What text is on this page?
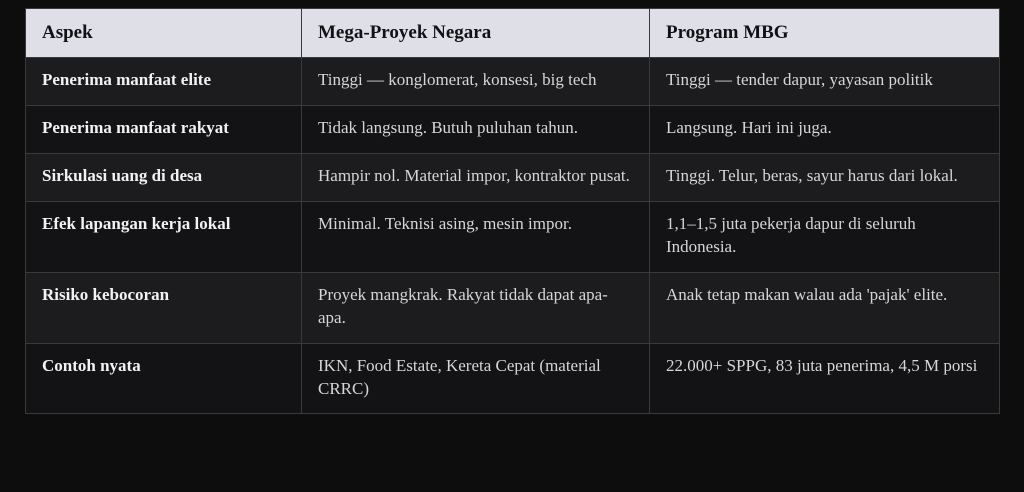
Aspek	Mega-Proyek Negara	Program MBG
Penerima manfaat elite	Tinggi — konglomerat, konsesi, big tech	Tinggi — tender dapur, yayasan politik
Penerima manfaat rakyat	Tidak langsung. Butuh puluhan tahun.	Langsung. Hari ini juga.
Sirkulasi uang di desa	Hampir nol. Material impor, kontraktor pusat.	Tinggi. Telur, beras, sayur harus dari lokal.
Efek lapangan kerja lokal	Minimal. Teknisi asing, mesin impor.	1,1–1,5 juta pekerja dapur di seluruh Indonesia.
Risiko kebocoran	Proyek mangkrak. Rakyat tidak dapat apa-apa.	Anak tetap makan walau ada 'pajak' elite.
Contoh nyata	IKN, Food Estate, Kereta Cepat (material CRRC)	22.000+ SPPG, 83 juta penerima, 4,5 M porsi
